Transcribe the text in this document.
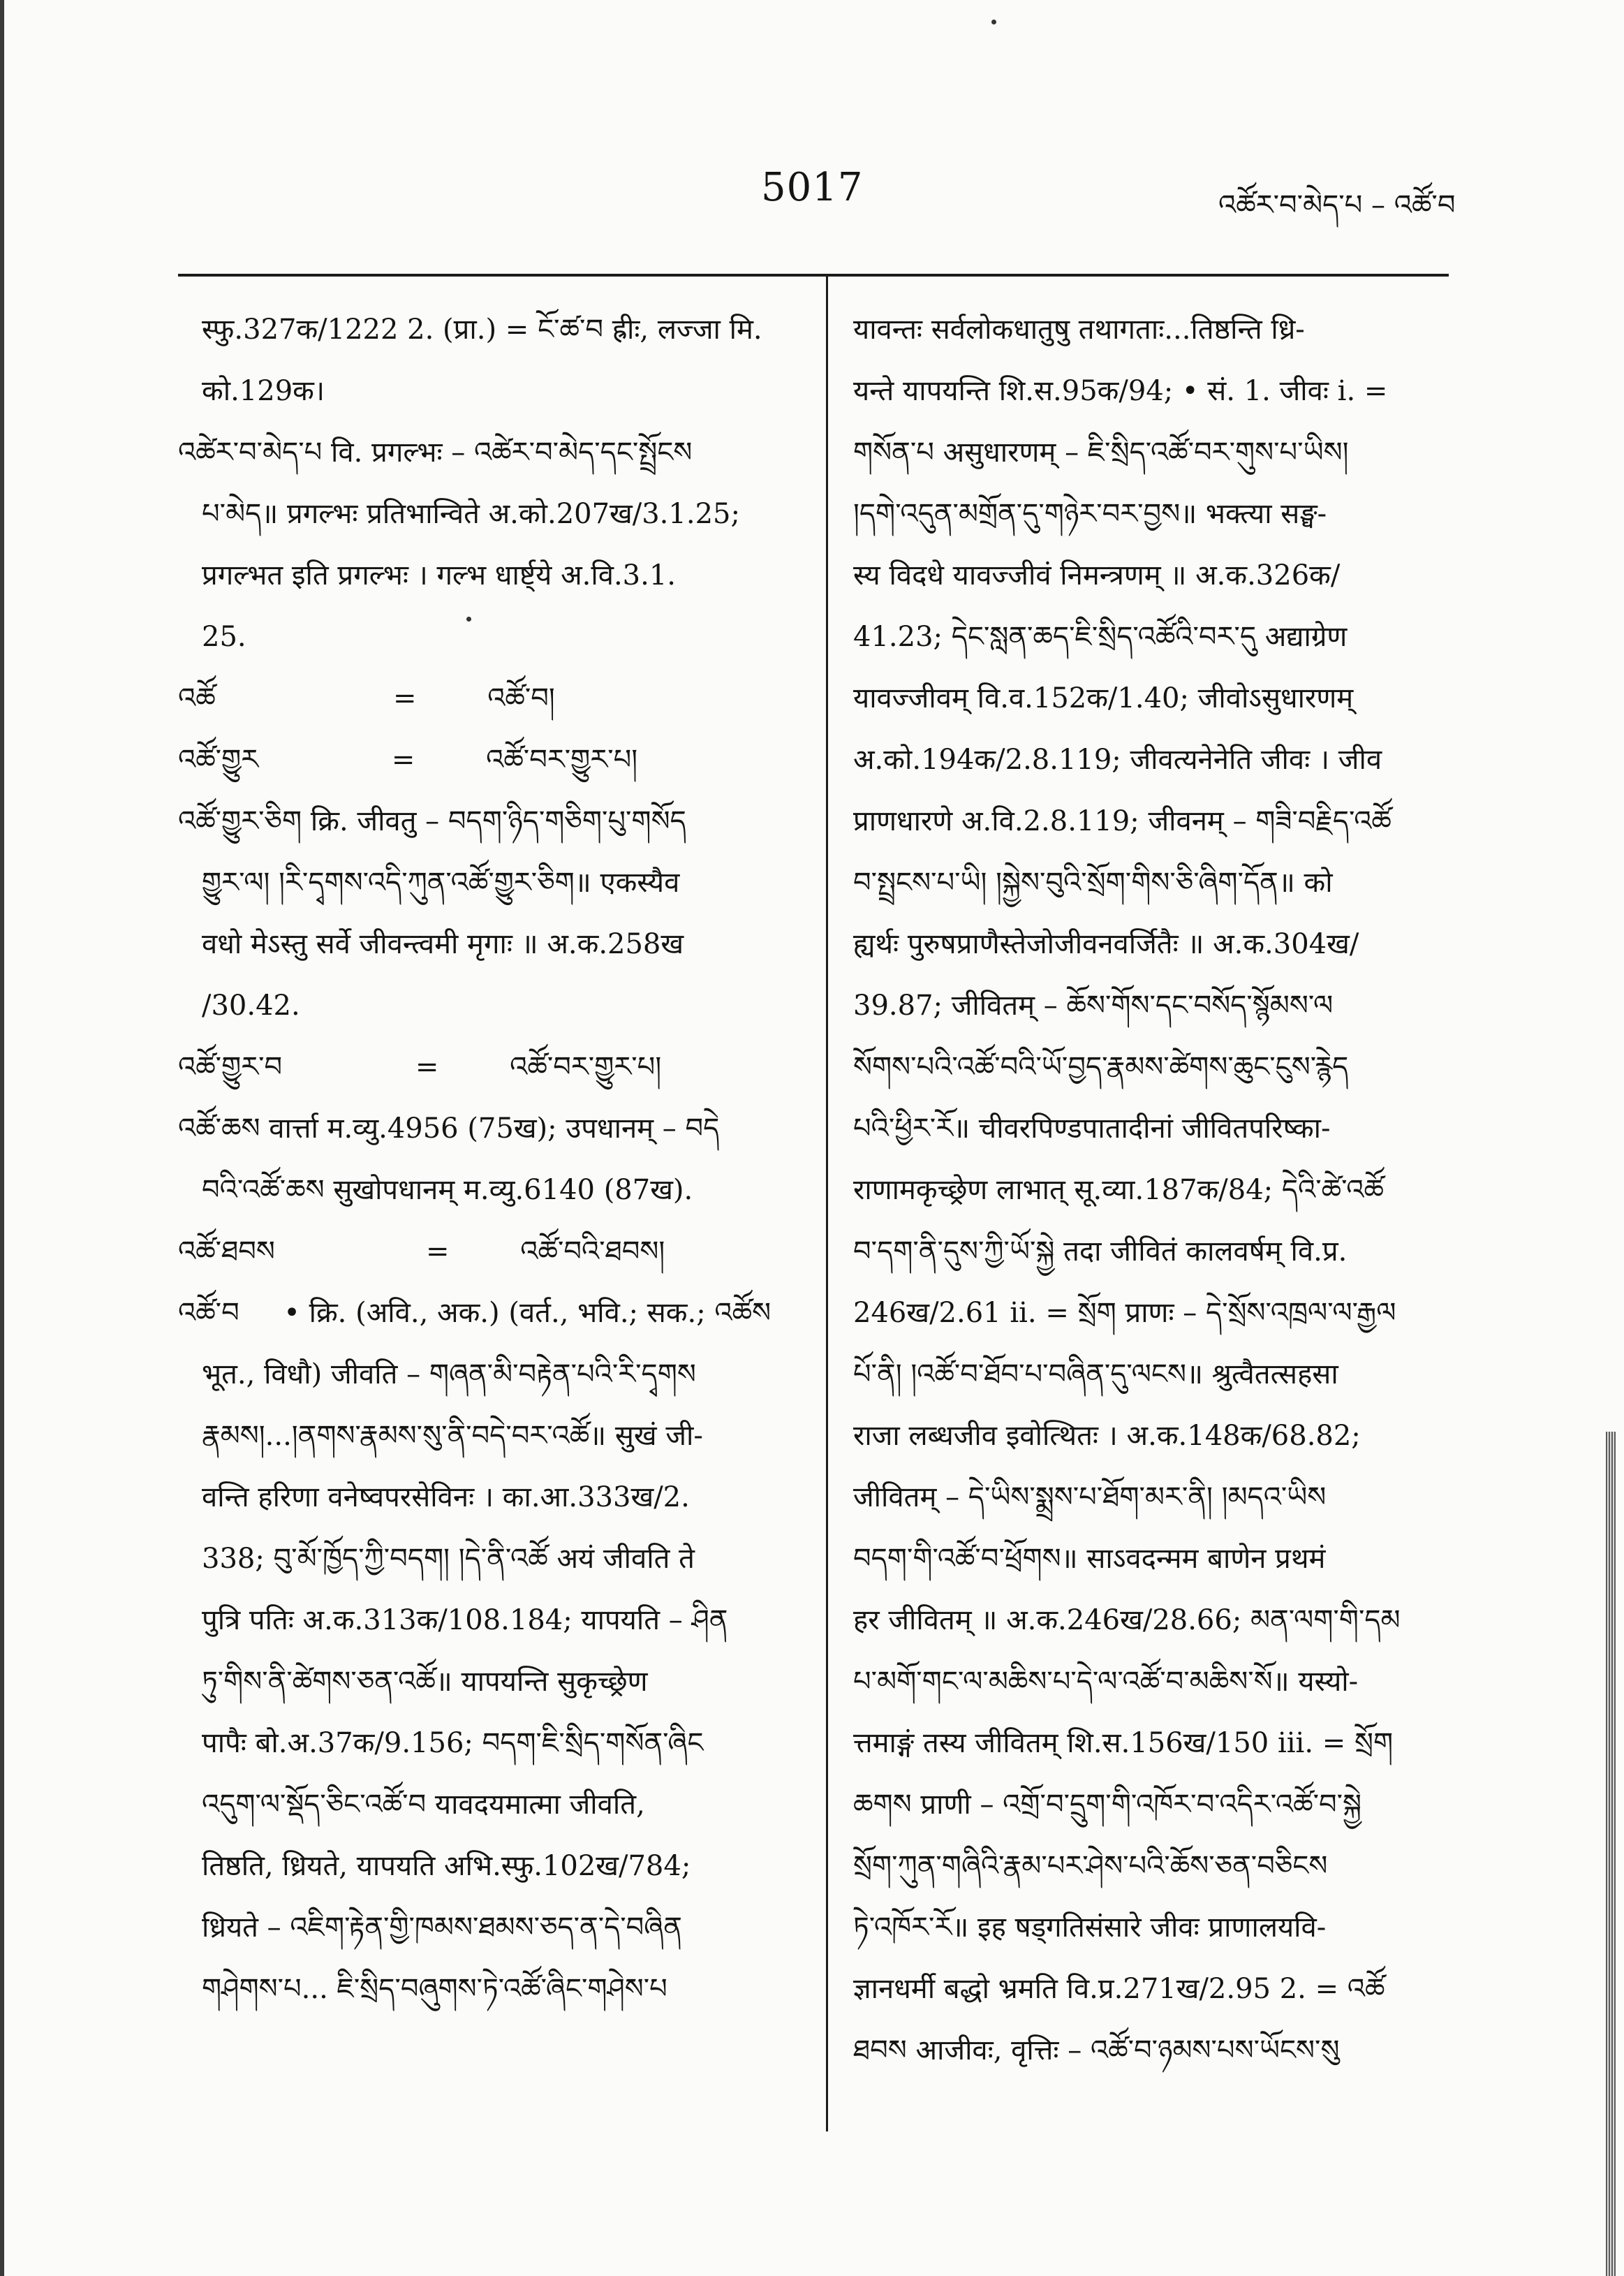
5017	འཚོར་བ་མེད་པ – འཚོ་བ
स्फु.327क/1222 2. (प्रा.) = ངོ་ཚ་བ ह्रीः, लज्जा मि.
को.129क।
འཚེར་བ་མེད་པ वि. प्रगल्भः – འཚེར་བ་མེད་དང་སྤྲོངས
པ་མེད॥ प्रगल्भः प्रतिभान्विते अ.को.207ख/3.1.25;
प्रगल्भत इति प्रगल्भः । गल्भ धार्ष्ट्ये अ.वि.3.1.
25.
འཚོ                    =        འཚོ་བ།
འཚོ་གྱུར               =        འཚོ་བར་གྱུར་པ།
འཚོ་གྱུར་ཅིག क्रि. जीवतु – བདག་ཉིད་གཅིག་པུ་གསོད
གྱུར་ལ། །རི་དྭགས་འདི་ཀུན་འཚོ་གྱུར་ཅིག॥ एकस्यैव
वधो मेऽस्तु सर्वे जीवन्त्वमी मृगाः ॥ अ.क.258ख
/30.42.
འཚོ་གྱུར་བ               =        འཚོ་བར་གྱུར་པ།
འཚོ་ཆས वार्त्ता म.व्यु.4956 (75ख); उपधानम् – བདེ
བའི་འཚོ་ཆས सुखोपधानम् म.व्यु.6140 (87ख).
འཚོ་ཐབས                 =        འཚོ་བའི་ཐབས།
འཚོ་བ     • क्रि. (अवि., अक.) (वर्त., भवि.; सक.; འཚོས
भूत., विधौ) जीवति – གཞན་མི་བརྟེན་པའི་རི་དྭགས
རྣམས།...།ནགས་རྣམས་སུ་ནི་བདེ་བར་འཚོ॥ सुखं जी-
वन्ति हरिणा वनेष्वपरसेविनः । का.आ.333ख/2.
338; བུ་མོ་ཁྱོད་ཀྱི་བདག། །དེ་ནི་འཚོ अयं जीवति ते
पुत्रि पतिः अ.क.313क/108.184; यापयति – ཤིན
ཏུ་གིས་ནི་ཚེགས་ཅན་འཚོ॥ यापयन्ति सुकृच्छ्रेण
पापैः बो.अ.37क/9.156; བདག་ཇི་སྲིད་གསོན་ཞིང
འདུག་ལ་སྡོད་ཅིང་འཚོ་བ यावदयमात्मा जीवति,
तिष्ठति, ध्रियते, यापयति अभि.स्फु.102ख/784;
ध्रियते – འཇིག་རྟེན་གྱི་ཁམས་ཐམས་ཅད་ན་དེ་བཞིན
གཤེགས་པ... ཇི་སྲིད་བཞུགས་ཏེ་འཚོ་ཞིང་གཤེས་པ
यावन्तः सर्वलोकधातुषु तथागताः...तिष्ठन्ति ध्रि-
यन्ते यापयन्ति शि.स.95क/94; • सं. 1. जीवः i. =
གསོན་པ असुधारणम् – ཇི་སྲིད་འཚོ་བར་གུས་པ་ཡིས།
།དགེ་འདུན་མགྲོན་དུ་གཉེར་བར་བྱས॥ भक्त्या सङ्घ-
स्य विदधे यावज्जीवं निमन्त्रणम् ॥ अ.क.326क/
41.23; དེང་སླན་ཆད་ཇི་སྲིད་འཚོའི་བར་དུ अद्याग्रेण
यावज्जीवम् वि.व.152क/1.40; जीवोऽसुधारणम्
अ.को.194क/2.8.119; जीवत्यनेनेति जीवः । जीव
प्राणधारणे अ.वि.2.8.119; जीवनम् – གཟི་བརྗིད་འཚོ
བ་སྤྲངས་པ་ཡི། །སྐྱེས་བུའི་སྲོག་གིས་ཅི་ཞིག་དོན॥ को
ह्यर्थः पुरुषप्राणैस्तेजोजीवनवर्जितैः ॥ अ.क.304ख/
39.87; जीवितम् – ཆོས་གོས་དང་བསོད་སྙོམས་ལ
སོགས་པའི་འཚོ་བའི་ཡོ་བྱད་རྣམས་ཚེགས་ཆུང་ངུས་རྙེད
པའི་ཕྱིར་རོ॥ चीवरपिण्डपातादीनां जीवितपरिष्का-
राणामकृच्छ्रेण लाभात् सू.व्या.187क/84; དེའི་ཚེ་འཚོ
བ་དག་ནི་དུས་ཀྱི་ཡོ་སྐྱེ तदा जीवितं कालवर्षम् वि.प्र.
246ख/2.61 ii. = སྲོག प्राणः – དེ་སྲོས་འཁྲལ་ལ་རྒྱལ
པོ་ནི། །འཚོ་བ་ཐོབ་པ་བཞིན་དུ་ལངས॥ श्रुत्वैतत्सहसा
राजा लब्धजीव इवोत्थितः । अ.क.148क/68.82;
जीवितम् – དེ་ཡིས་སྨྲས་པ་ཐོག་མར་ནི། །མདའ་ཡིས
བདག་གི་འཚོ་བ་ཕྲོགས॥ साऽवदन्मम बाणेन प्रथमं
हर जीवितम् ॥ अ.क.246ख/28.66; མན་ལག་གི་དམ
པ་མགོ་གང་ལ་མཆིས་པ་དེ་ལ་འཚོ་བ་མཆིས་སོ॥ यस्यो-
त्तमाङ्गं तस्य जीवितम् शि.स.156ख/150 iii. = སྲོག
ཆགས प्राणी – འགྲོ་བ་དྲུག་གི་འཁོར་བ་འདིར་འཚོ་བ་སྐྱེ
སྲོག་ཀུན་གཞིའི་རྣམ་པར་ཤེས་པའི་ཆོས་ཅན་བཅིངས
ཏེ་འཁོར་རོ॥ इह षड्गतिसंसारे जीवः प्राणालयवि-
ज्ञानधर्मी बद्धो भ्रमति वि.प्र.271ख/2.95 2. = འཚོ
ཐབས आजीवः, वृत्तिः – འཚོ་བ་ཉམས་པས་ཡོངས་སུ
